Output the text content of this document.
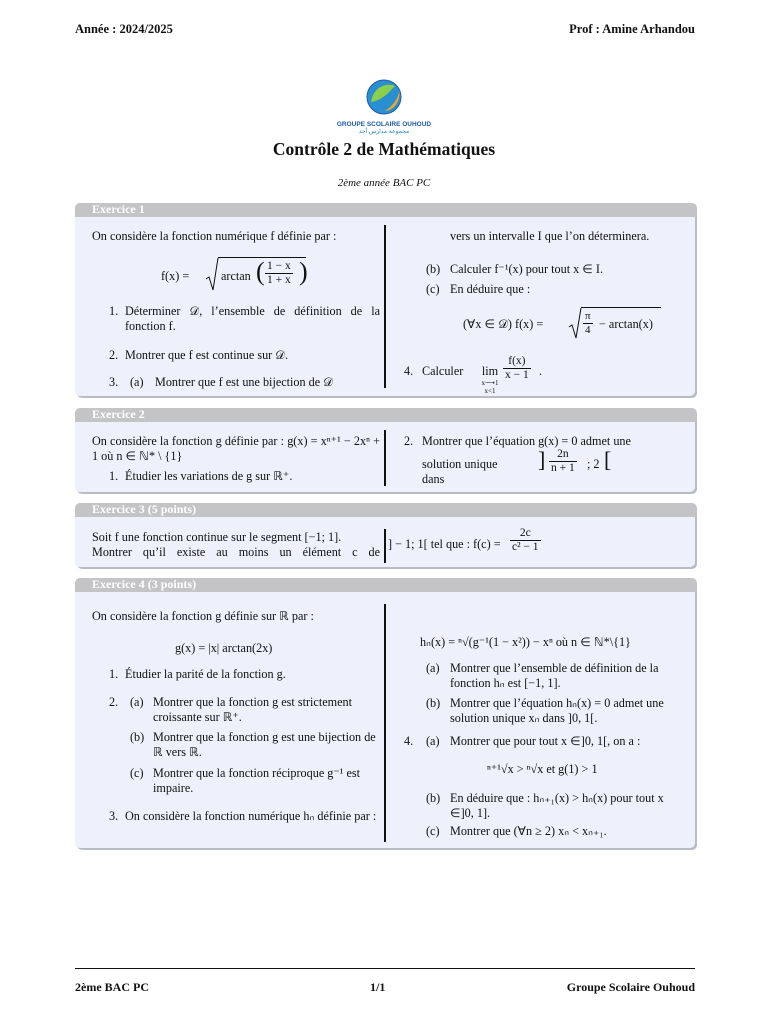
Année : 2024/2025	Prof : Amine Arhandou
GROUPE SCOLAIRE OUHOUD
مجموعة مدارس أحد
Contrôle 2 de Mathématiques
2ème année BAC PC
Exercice 1
On considère la fonction numérique f définie par :
f(x) =	arctan ( $\frac{1 - x}{1 + x}$ )
1. Déterminer 𝒟, l’ensemble de définition de la fonction f.
2. Montrer que f est continue sur 𝒟.
3. (a) Montrer que f est une bijection de 𝒟
vers un intervalle I que l’on déterminera.
(b) Calculer f⁻¹(x) pour tout x ∈ I.
(c) En déduire que :
(∀x ∈ 𝒟) f(x) =	$\frac{\pi}{4} - \arctan(x)$
4. Calculer	lim
x⟶1
x<1
$\frac{f(x)}{x - 1}$ .
Exercice 2
On considère la fonction g définie par : g(x) = xⁿ⁺¹ − 2xⁿ + 1 où n ∈ ℕ* \ {1}
1. Étudier les variations de g sur ℝ⁺.
2. Montrer que l’équation g(x) = 0 admet une
solution unique dans
] $\frac{2n}{n + 1}$ ; 2 [
Exercice 3 (5 points)
Soit f une fonction continue sur le segment [−1; 1].
Montrer qu’il existe au moins un élément c de
] − 1; 1[ tel que : $f(c) = \frac{2c}{\text{c² − 1}}$
Exercice 4 (3 points)
On considère la fonction g définie sur ℝ par :
g(x) = |x| arctan(2x)
1. Étudier la parité de la fonction g.
2. (a) Montrer que la fonction g est strictement croissante sur ℝ⁺.
(b) Montrer que la fonction g est une bijection de ℝ vers ℝ.
(c) Montrer que la fonction réciproque g⁻¹ est impaire.
3. On considère la fonction numérique hₙ définie par :
hₙ(x) = ⁿ√(g⁻¹(1 − x²)) − xⁿ où n ∈ ℕ*\{1}
(a) Montrer que l’ensemble de définition de la fonction hₙ est [−1, 1].
(b) Montrer que l’équation hₙ(x) = 0 admet une solution unique xₙ dans ]0, 1[.
4.	(a) Montrer que pour tout x ∈]0, 1[, on a :
ⁿ⁺¹√x > ⁿ√x et g(1) > 1
(b) En déduire que : hₙ₊₁(x) > hₙ(x) pour tout x ∈]0, 1].
(c) Montrer que (∀n ≥ 2) xₙ < xₙ₊₁.
2ème BAC PC	1/1	Groupe Scolaire Ouhoud
